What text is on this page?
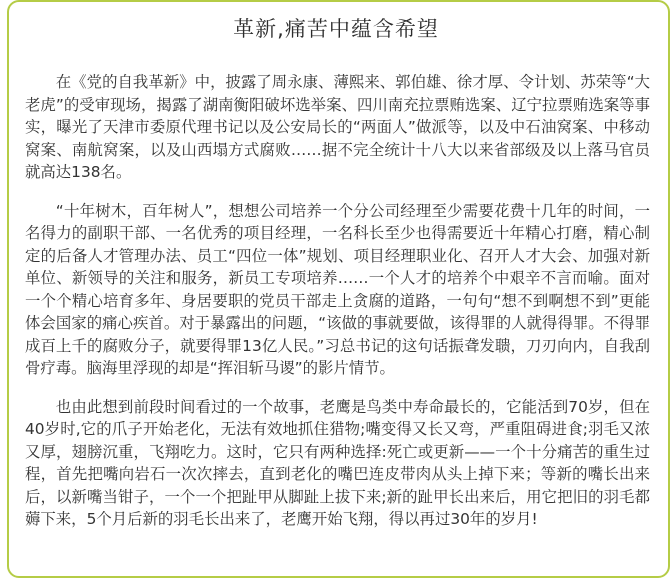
革新,痛苦中蕴含希望

在《党的自我革新》中，披露了周永康、薄熙来、郭伯雄、徐才厚、令计划、苏荣等“大老虎”的受审现场，揭露了湖南衡阳破坏选举案、四川南充拉票贿选案、辽宁拉票贿选案等事实，曝光了天津市委原代理书记以及公安局长的“两面人”做派等，以及中石油窝案、中移动窝案、南航窝案，以及山西塌方式腐败……据不完全统计十八大以来省部级及以上落马官员就高达138名。

“十年树木，百年树人”，想想公司培养一个分公司经理至少需要花费十几年的时间，一名得力的副职干部、一名优秀的项目经理，一名科长至少也得需要近十年精心打磨，精心制定的后备人才管理办法、员工“四位一体”规划、项目经理职业化、召开人才大会、加强对新单位、新领导的关注和服务，新员工专项培养……一个人才的培养个中艰辛不言而喻。面对一个个精心培育多年、身居要职的党员干部走上贪腐的道路，一句句“想不到啊想不到”更能体会国家的痛心疾首。对于暴露出的问题，“该做的事就要做，该得罪的人就得得罪。不得罪成百上千的腐败分子，就要得罪13亿人民。”习总书记的这句话振聋发聩，刀刃向内，自我刮骨疗毒。脑海里浮现的却是“挥泪斩马谡”的影片情节。

也由此想到前段时间看过的一个故事，老鹰是鸟类中寿命最长的，它能活到70岁，但在40岁时,它的爪子开始老化，无法有效地抓住猎物;嘴变得又长又弯，严重阻碍进食;羽毛又浓又厚，翅膀沉重，飞翔吃力。这时，它只有两种选择:死亡或更新——一个十分痛苦的重生过程，首先把嘴向岩石一次次摔去，直到老化的嘴巴连皮带肉从头上掉下来；等新的嘴长出来后，以新嘴当钳子，一个一个把趾甲从脚趾上拔下来;新的趾甲长出来后，用它把旧的羽毛都薅下来，5个月后新的羽毛长出来了，老鹰开始飞翔，得以再过30年的岁月!
